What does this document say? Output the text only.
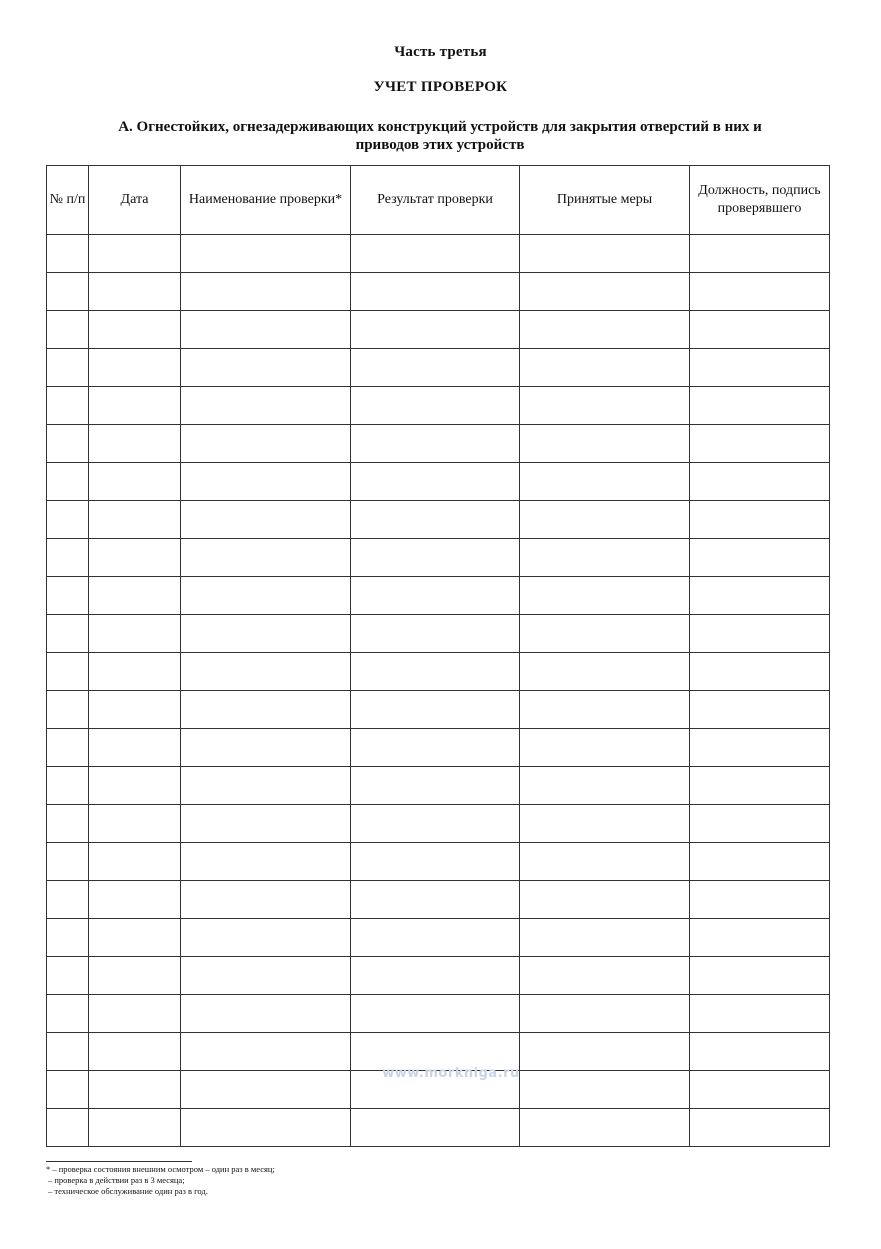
Часть третья
УЧЕТ ПРОВЕРОК
А. Огнестойких, огнезадерживающих конструкций устройств для закрытия отверстий в них и приводов этих устройств
№ п/п	Дата	Наименование проверки*	Результат проверки	Принятые меры	Должность, подпись проверявшего

www.morkniga.ru
* – проверка состояния внешним осмотром – один раз в месяц;
– проверка в действии раз в 3 месяца;
– техническое обслуживание один раз в год.
